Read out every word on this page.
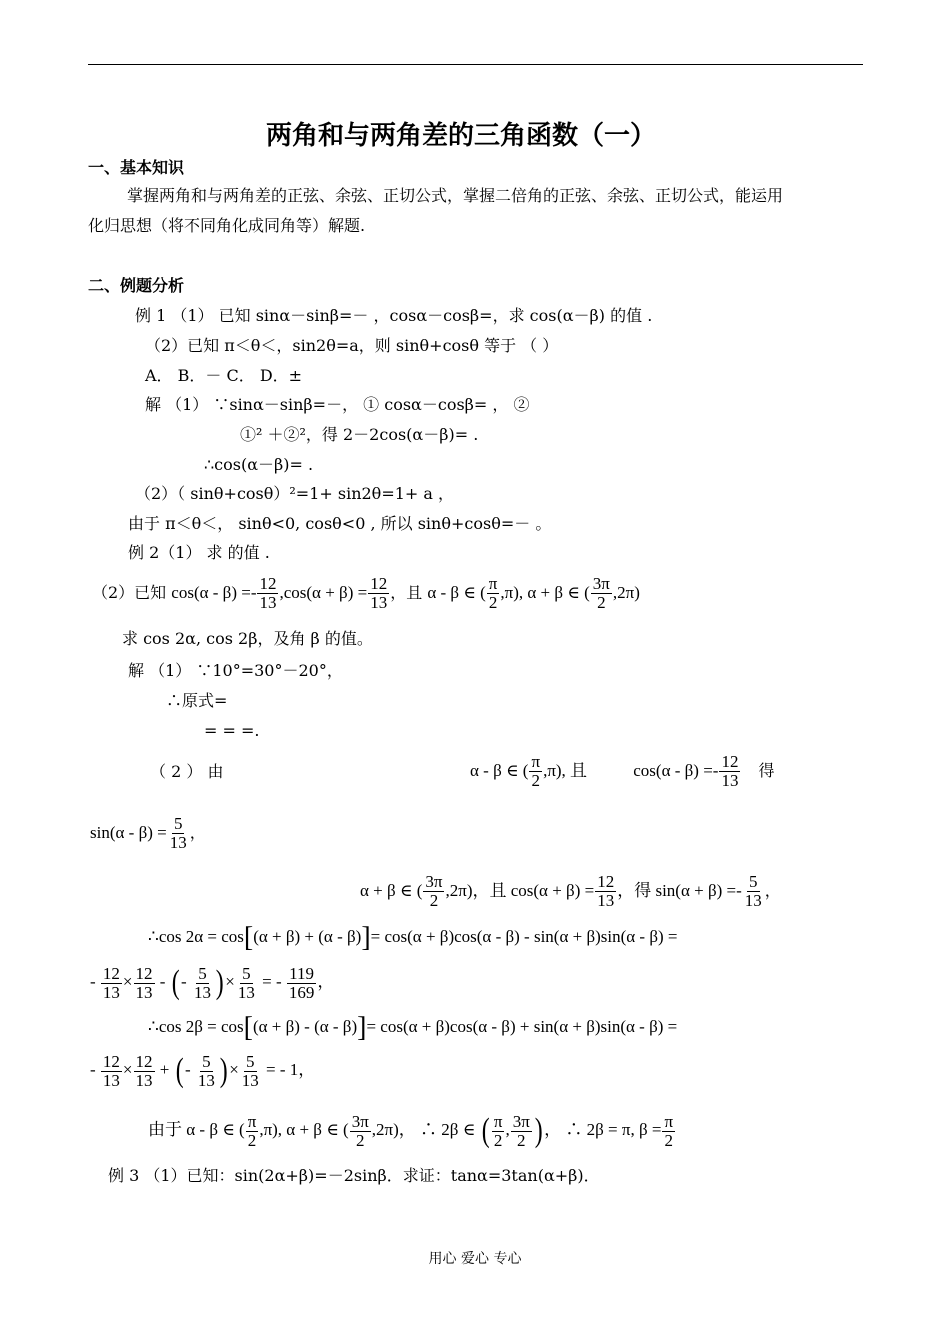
两角和与两角差的三角函数（一）
一、基本知识
掌握两角和与两角差的正弦、余弦、正切公式，掌握二倍角的正弦、余弦、正切公式，能运用
化归思想（将不同角化成同角等）解题.
二、例题分析
例 1 （1） 已知 sinα－sinβ=－ ，cosα－cosβ=，求 cos(α－β) 的值 .
（2）已知 π＜θ＜，sin2θ=a，则 sinθ+cosθ 等于 （ ）
A． B．－ C． D．±
解 （1） ∵sinα－sinβ=－， ① cosα－cosβ= ， ②
①² ＋②²，得 2－2cos(α－β)= .
∴cos(α－β)= .
（2）（ sinθ+cosθ）²=1+ sin2θ=1+ a ，
由于 π＜θ＜， sinθ<0, cosθ<0 , 所以 sinθ+cosθ=－ 。
例 2（1） 求 的值 .
（2）已知 $\cos(\alpha - \beta) =- \frac{12}{13} ,\cos(\alpha + \beta) = \frac{12}{13}$ ，且 α - β ∈ ( $\frac{\pi}{2} ,\pi$), α + β ∈ ( $\frac{3\pi}{2} ,2\pi$)
求 cos 2α, cos 2β，及角 β 的值。
解 （1） ∵10°=30°－20°，
∴原式=
= = =.
（ 2 ） 由	α - β ∈ ( $\frac{\pi}{2} ,\pi$), 且	$\cos(\alpha - \beta) =- \frac{12}{13}$ 得
$\sin(\alpha - \beta) = \frac{5}{13}$ ，
α + β ∈ ( $\frac{3\pi}{2} ,2\pi$)，且 $\cos(\alpha + \beta) = \frac{12}{13}$ ，得 $\sin(\alpha + \beta) =- \frac{5}{13}$ ，
∴cos 2α = cos[(α + β) + (α - β)]= cos(α + β)cos(α - β) - sin(α + β)sin(α - β) =
- $\frac{12}{13} \times \frac{12}{13}$ - (- $\frac{5}{13}$ )× $\frac{5}{13}$ = - $\frac{119}{169}$ ，
∴cos 2β = cos[(α + β) - (α - β)]= cos(α + β)cos(α - β) + sin(α + β)sin(α - β) =
- $\frac{12}{13} \times \frac{12}{13}$ + (- $\frac{5}{13}$ )× $\frac{5}{13}$ = - 1，
由于 α - β ∈ ( $\frac{\pi}{2} ,\pi$), α + β ∈ ( $\frac{3\pi}{2} ,2\pi$)， ∴ 2β ∈ ( $\frac{\pi}{2}$ , $\frac{3\pi}{2}$ )， ∴ 2β = π, $\beta = \frac{\pi}{2}$
例 3 （1）已知：sin(2α+β)=－2sinβ．求证：tanα=3tan(α+β)．
用心 爱心 专心
